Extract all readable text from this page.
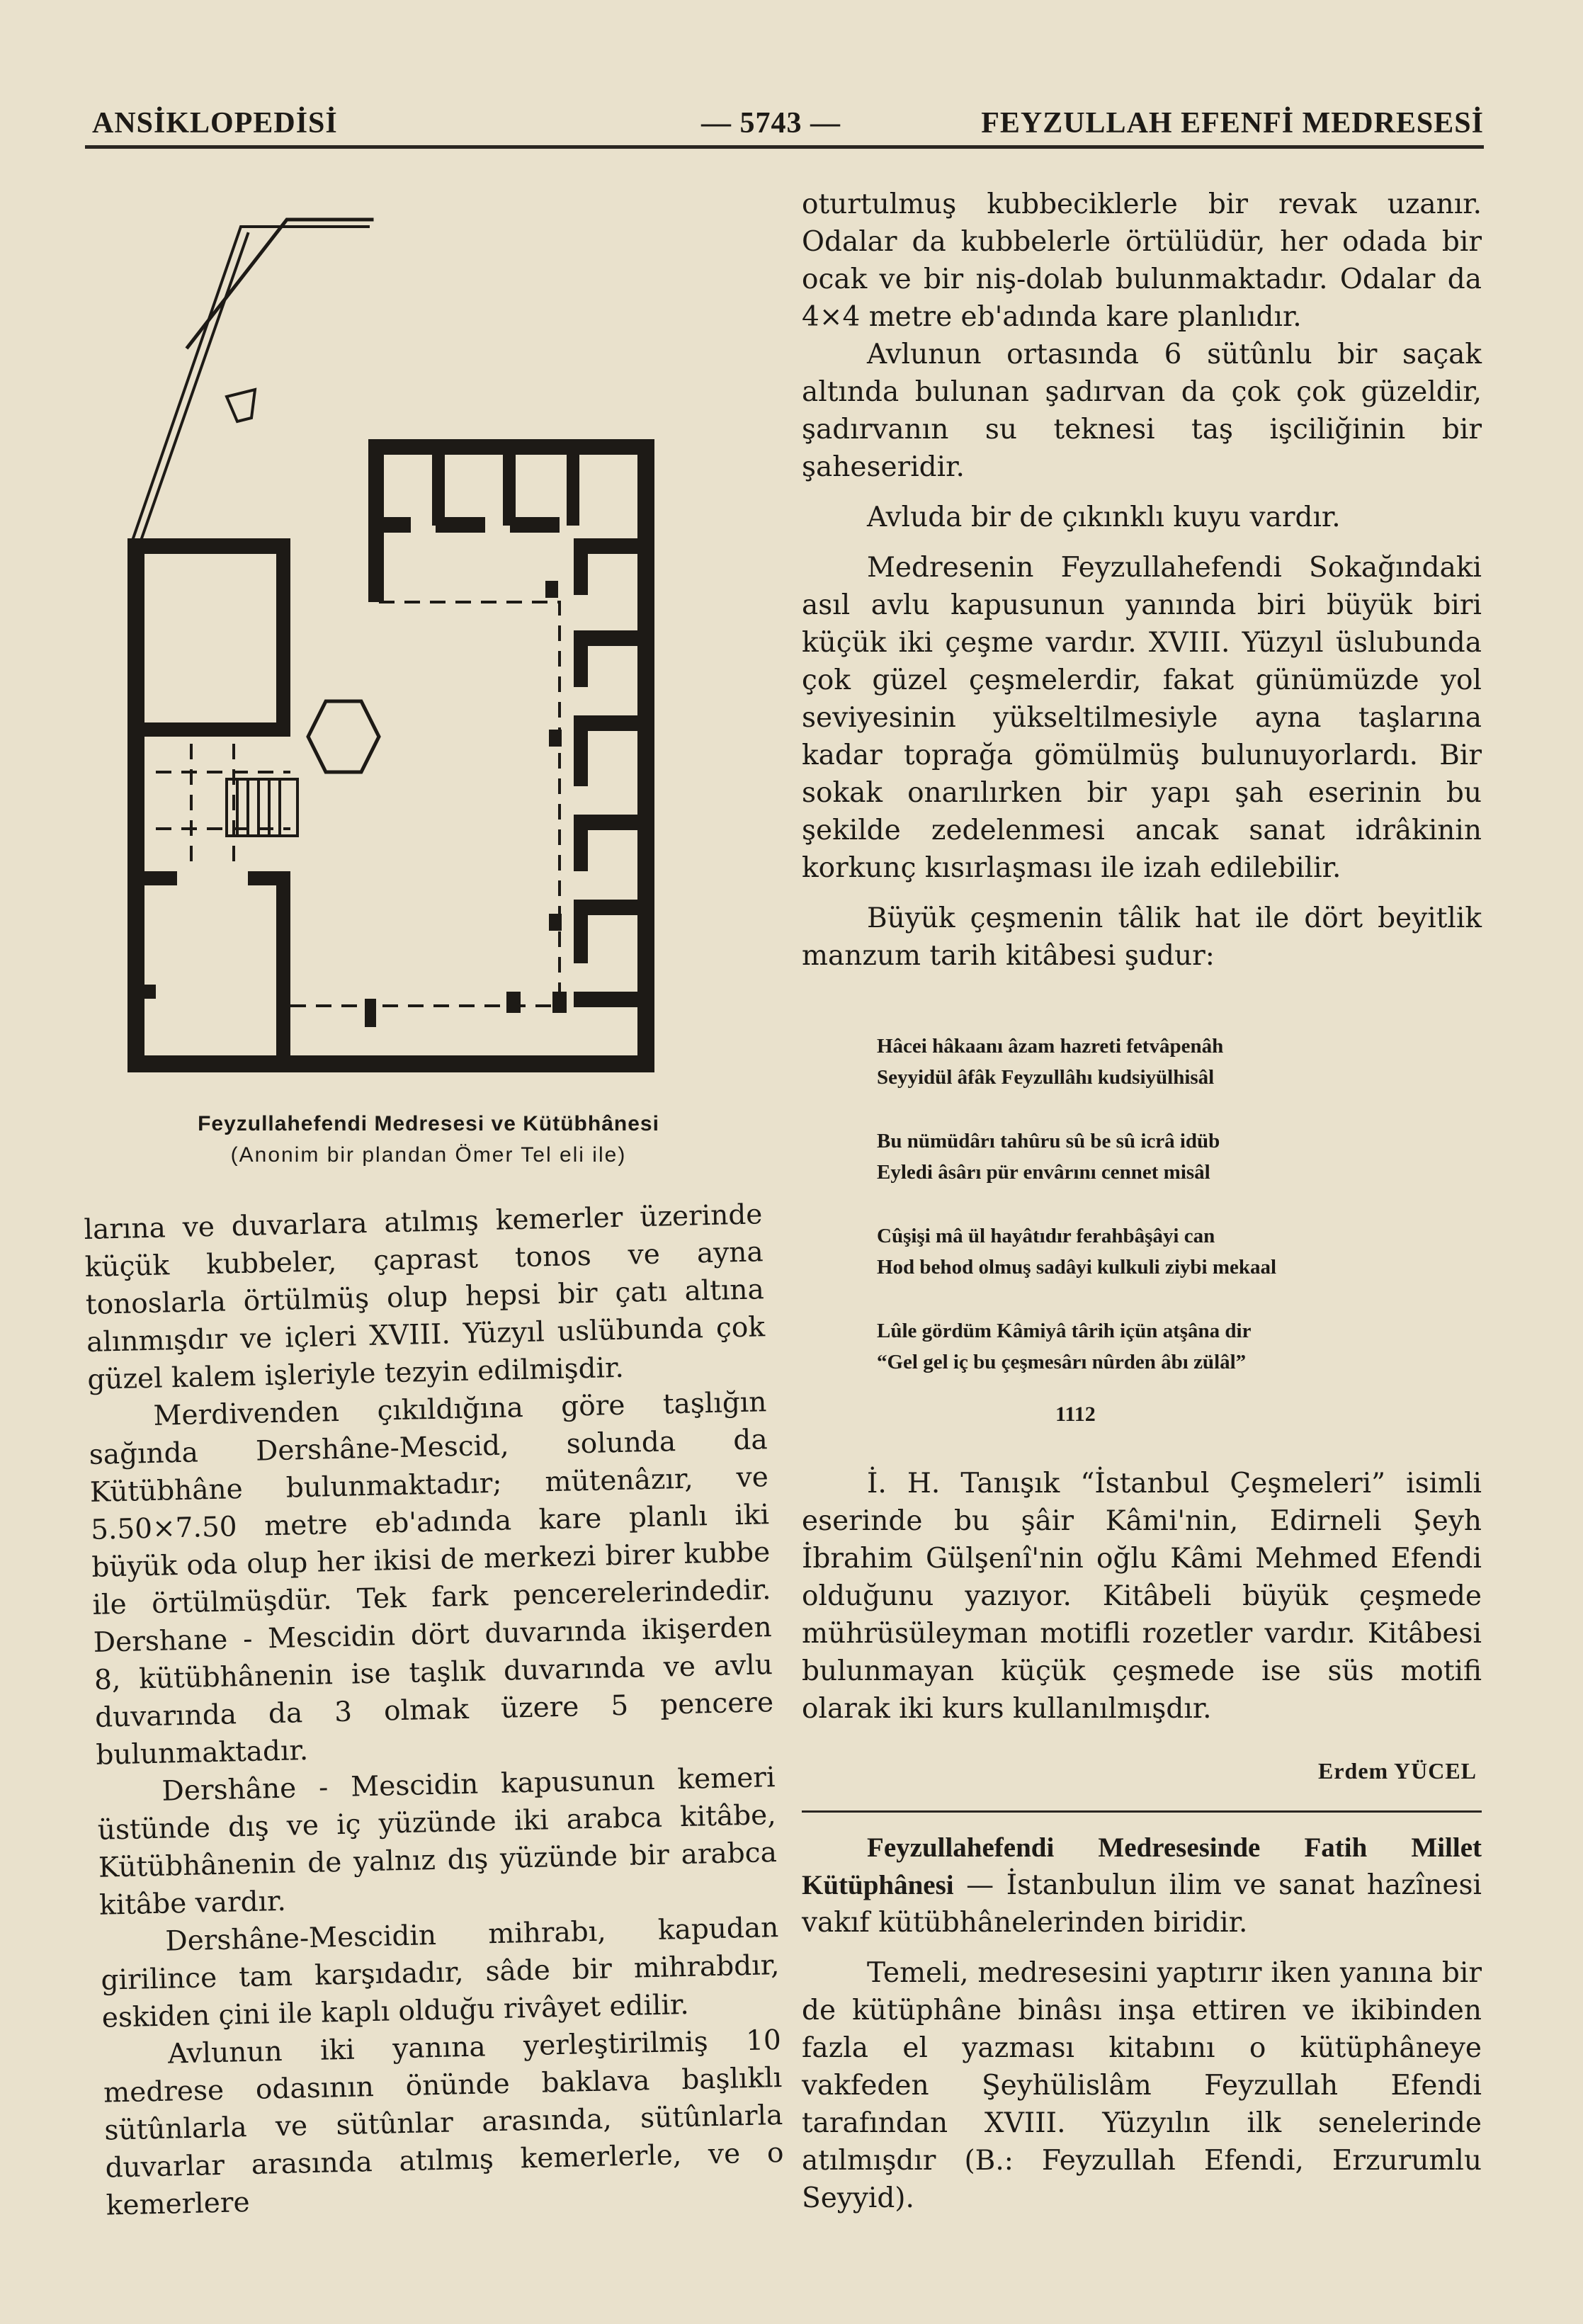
ANSİKLOPEDİSİ	— 5743 —	FEYZULLAH EFENFİ MEDRESESİ
Feyzullahefendi Medresesi ve Kütübhânesi
(Anonim bir plandan Ömer Tel eli ile)

larına ve duvarlara atılmış kemerler üzerinde küçük kubbeler, çaprast tonos ve ayna tonoslarla örtülmüş olup hepsi bir çatı altına alınmışdır ve içleri XVIII. Yüzyıl uslübunda çok güzel kalem işleriyle tezyin edilmişdir.

Merdivenden çıkıldığına göre taşlığın sağında Dershâne-Mescid, solunda da Kütübhâne bulunmaktadır; mütenâzır, ve 5.50×7.50 metre eb'adında kare planlı iki büyük oda olup her ikisi de merkezi birer kubbe ile örtülmüşdür. Tek fark pencerelerindedir. Dershane - Mescidin dört duvarında ikişerden 8, kütübhânenin ise taşlık duvarında ve avlu duvarında da 3 olmak üzere 5 pencere bulunmaktadır.

Dershâne - Mescidin kapusunun kemeri üstünde dış ve iç yüzünde iki arabca kitâbe, Kütübhânenin de yalnız dış yüzünde bir arabca kitâbe vardır.

Dershâne-Mescidin mihrabı, kapudan girilince tam karşıdadır, sâde bir mihrabdır, eskiden çini ile kaplı olduğu rivâyet edilir.

Avlunun iki yanına yerleştirilmiş 10 medrese odasının önünde baklava başlıklı sütûnlarla ve sütûnlar arasında, sütûnlarla duvarlar arasında atılmış kemerlerle, ve o kemerlere

oturtulmuş kubbeciklerle bir revak uzanır. Odalar da kubbelerle örtülüdür, her odada bir ocak ve bir niş-dolab bulunmaktadır. Odalar da 4×4 metre eb'adında kare planlıdır.

Avlunun ortasında 6 sütûnlu bir saçak altında bulunan şadırvan da çok çok güzeldir, şadırvanın su teknesi taş işciliğinin bir şaheseridir.

Avluda bir de çıkınklı kuyu vardır.

Medresenin Feyzullahefendi Sokağındaki asıl avlu kapusunun yanında biri büyük biri küçük iki çeşme vardır. XVIII. Yüzyıl üslubunda çok güzel çeşmelerdir, fakat günümüzde yol seviyesinin yükseltilmesiyle ayna taşlarına kadar toprağa gömülmüş bulunuyorlardı. Bir sokak onarılırken bir yapı şah eserinin bu şekilde zedelenmesi ancak sanat idrâkinin korkunç kısırlaşması ile izah edilebilir.

Büyük çeşmenin tâlik hat ile dört beyitlik manzum tarih kitâbesi şudur:

Hâcei hâkaanı âzam hazreti fetvâpenâh
Seyyidül âfâk Feyzullâhı kudsiyülhisâl
Bu nümüdârı tahûru sû be sû icrâ idüb
Eyledi âsârı pür envârını cennet misâl
Cûşişi mâ ül hayâtıdır ferahbâşâyi can
Hod behod olmuş sadâyi kulkuli ziybi mekaal
Lûle gördüm Kâmiyâ târih içün atşâna dir
“Gel gel iç bu çeşmesârı nûrden âbı zülâl”
1112

İ. H. Tanışık “İstanbul Çeşmeleri” isimli eserinde bu şâir Kâmi'nin, Edirneli Şeyh İbrahim Gülşenî'nin oğlu Kâmi Mehmed Efendi olduğunu yazıyor. Kitâbeli büyük çeşmede mührüsüleyman motifli rozetler vardır. Kitâbesi bulunmayan küçük çeşmede ise süs motifi olarak iki kurs kullanılmışdır.

Erdem YÜCEL

Feyzullahefendi Medresesinde Fatih Millet Kütüphânesi — İstanbulun ilim ve sanat hazînesi vakıf kütübhânelerinden biridir.

Temeli, medresesini yaptırır iken yanına bir de kütüphâne binâsı inşa ettiren ve ikibinden fazla el yazması kitabını o kütüphâneye vakfeden Şeyhülislâm Feyzullah Efendi tarafından XVIII. Yüzyılın ilk senelerinde atılmışdır (B.: Feyzullah Efendi, Erzurumlu Seyyid).
